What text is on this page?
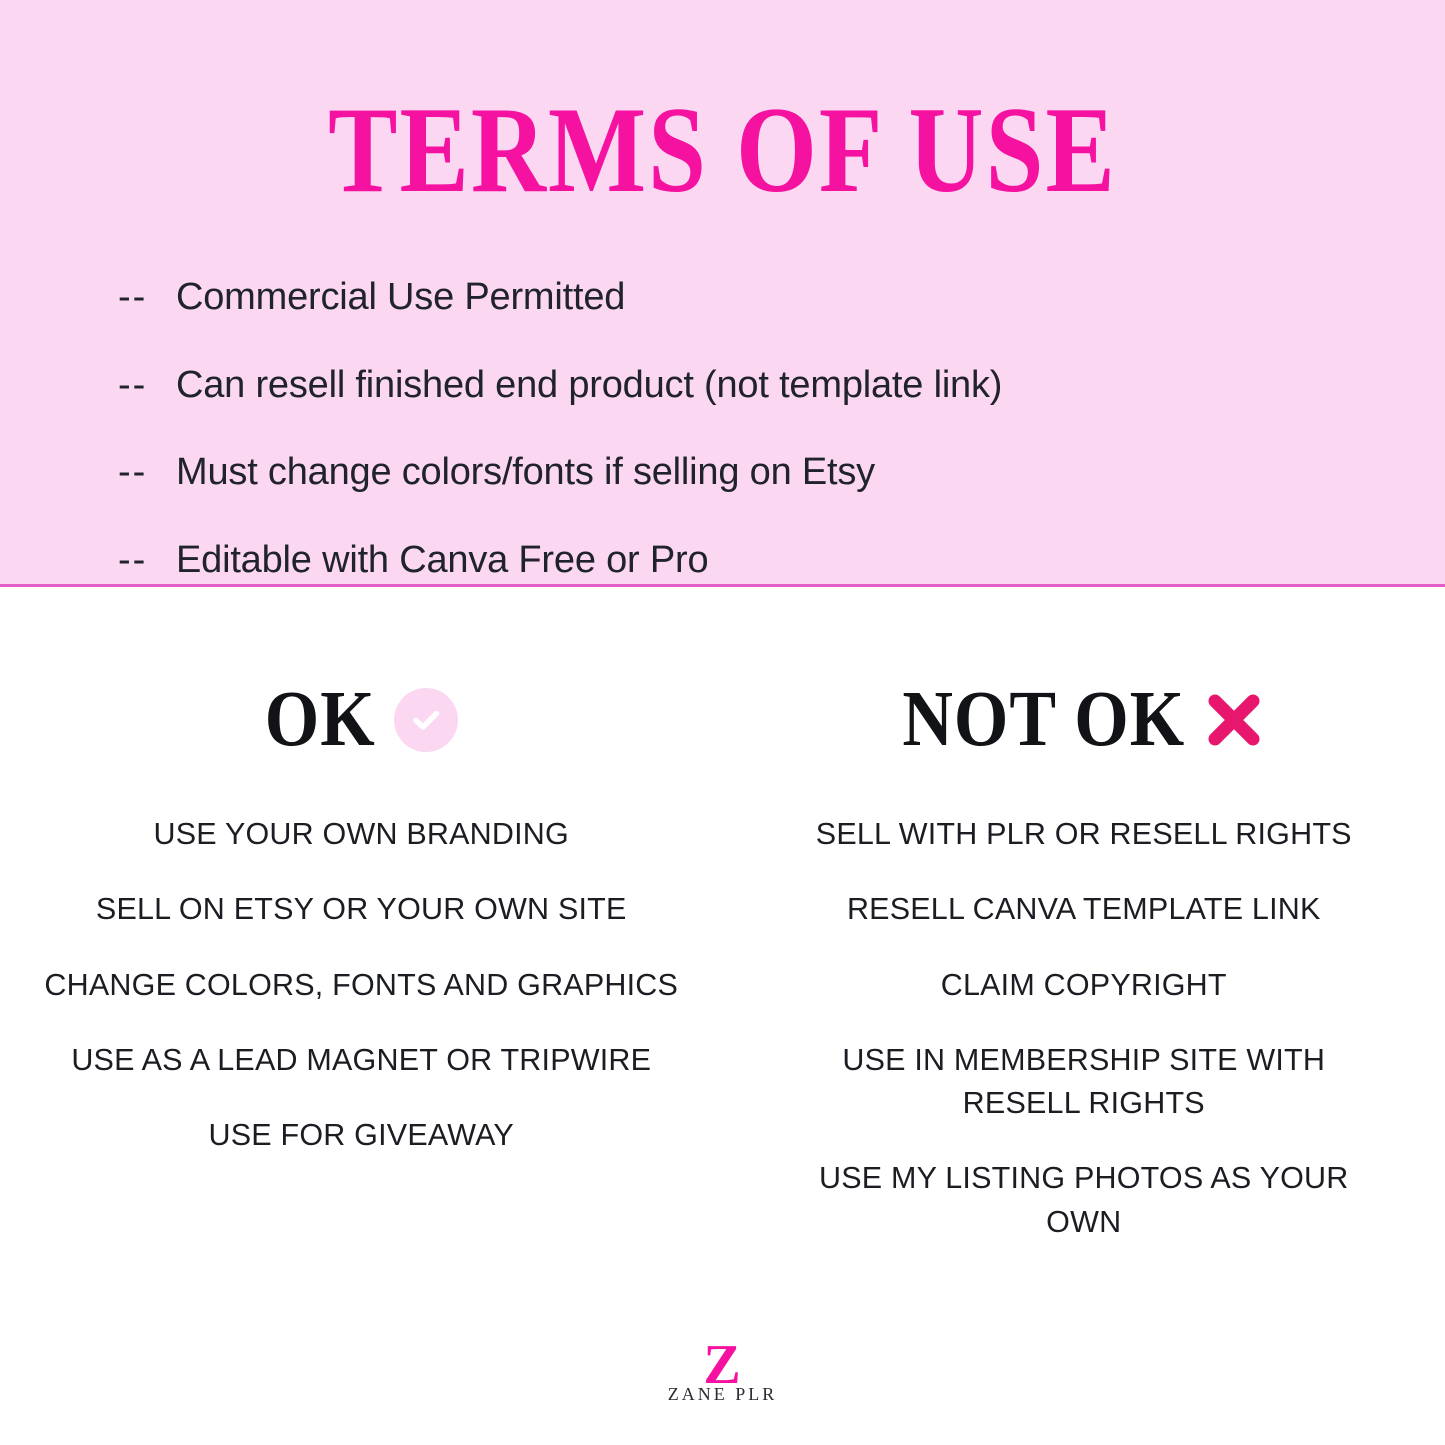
TERMS OF USE
-- Commercial Use Permitted
-- Can resell finished end product (not template link)
-- Must change colors/fonts if selling on Etsy
-- Editable with Canva Free or Pro
OK
USE YOUR OWN BRANDING
SELL ON ETSY OR YOUR OWN SITE
CHANGE COLORS, FONTS AND GRAPHICS
USE AS A LEAD MAGNET OR TRIPWIRE
USE FOR GIVEAWAY
NOT OK
SELL WITH PLR OR RESELL RIGHTS
RESELL CANVA TEMPLATE LINK
CLAIM COPYRIGHT
USE IN MEMBERSHIP SITE WITH RESELL RIGHTS
USE MY LISTING PHOTOS AS YOUR OWN
Z
ZANE PLR
